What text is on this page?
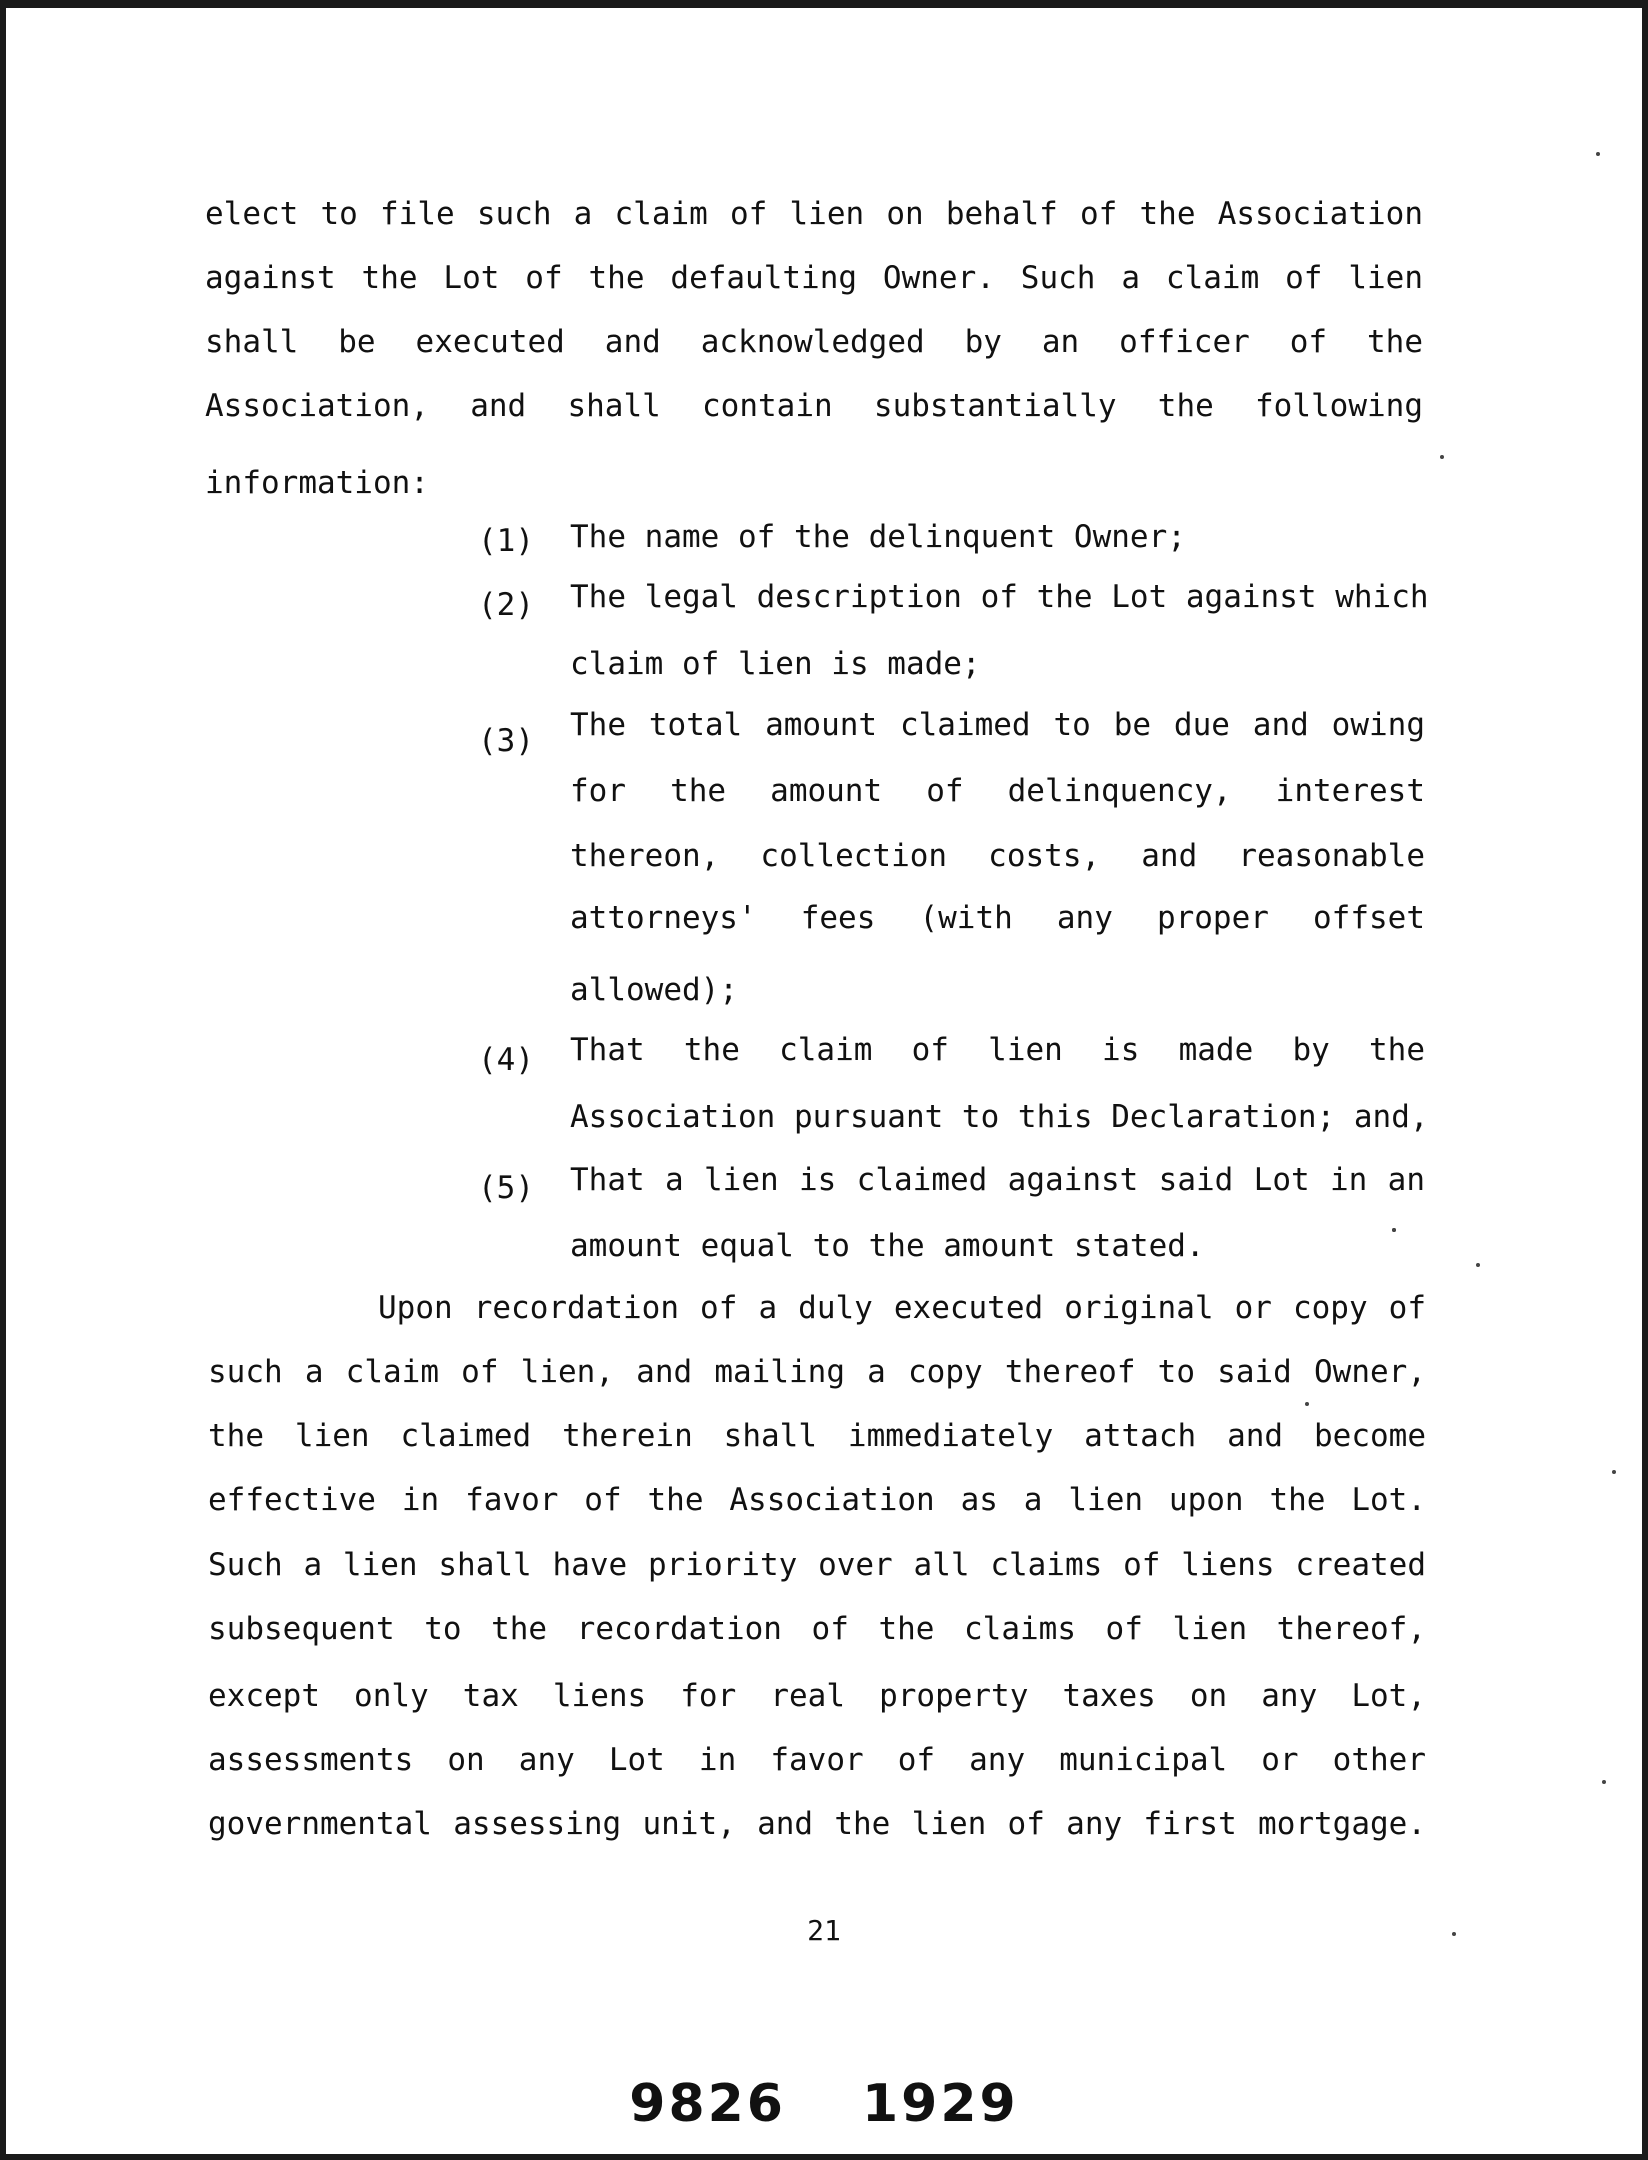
elect to file such a claim of lien on behalf of the Association
against the Lot of the defaulting Owner. Such a claim of lien
shall be executed and acknowledged by an officer of the
Association, and shall contain substantially the following
information:
(1) The name of the delinquent Owner;
(2) The legal description of the Lot against which
claim of lien is made;
(3) The total amount claimed to be due and owing
for the amount of delinquency, interest
thereon, collection costs, and reasonable
attorneys' fees (with any proper offset
allowed);
(4) That the claim of lien is made by the
Association pursuant to this Declaration; and,
(5) That a lien is claimed against said Lot in an
amount equal to the amount stated.
Upon recordation of a duly executed original or copy of
such a claim of lien, and mailing a copy thereof to said Owner,
the lien claimed therein shall immediately attach and become
effective in favor of the Association as a lien upon the Lot.
Such a lien shall have priority over all claims of liens created
subsequent to the recordation of the claims of lien thereof,
except only tax liens for real property taxes on any Lot,
assessments on any Lot in favor of any municipal or other
governmental assessing unit, and the lien of any first mortgage.
21
9826 1929
